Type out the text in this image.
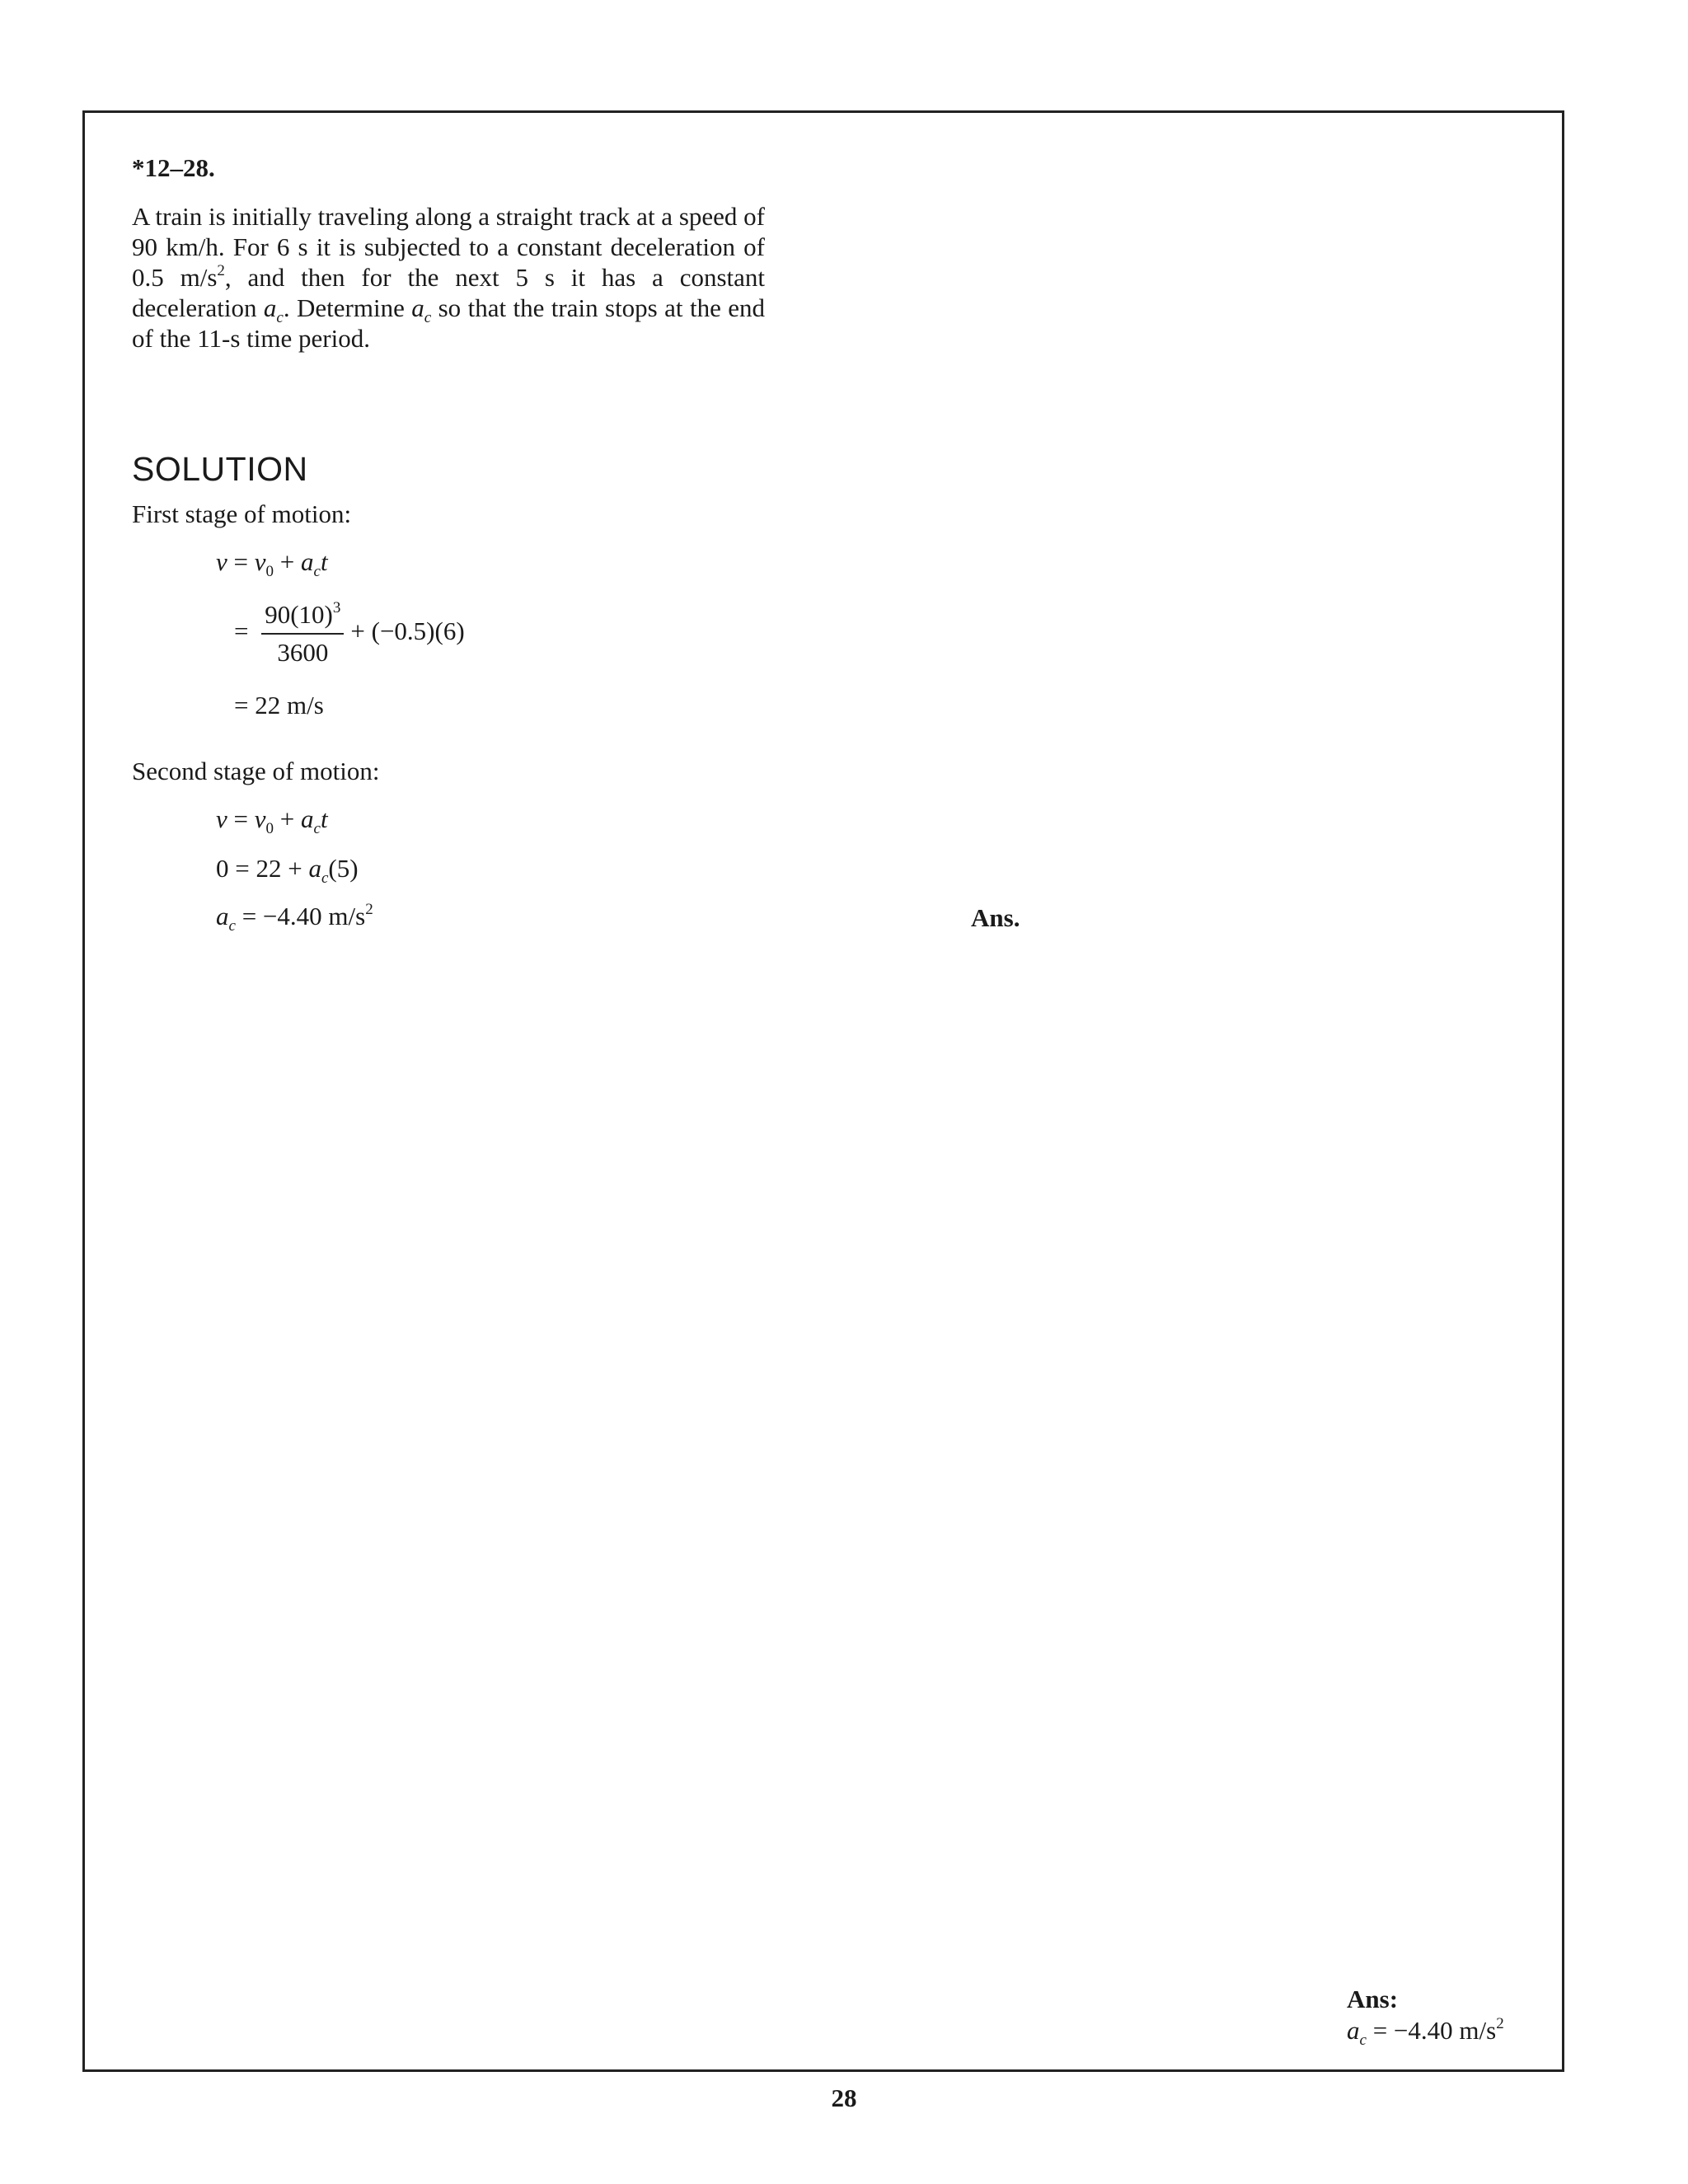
*12–28.

A train is initially traveling along a straight track at a speed of 90 km/h. For 6 s it is subjected to a constant deceleration of 0.5 $m/s^2$, and then for the next 5 s it has a constant deceleration $a_c$. Determine $a_c$ so that the train stops at the end of the 11-s time period.

SOLUTION
First stage of motion:
$v = v_0 + a_ct$
= $\frac{90(10)^3}{3600} + (-0.5)(6)$
= 22 m/s
Second stage of motion:
$v = v_0 + a_ct$
$0 = 22 + a_c(5)$
$a_c = -4.40$ $m/s^2$	Ans.
Ans:
$a_c = -4.40$ $m/s^2$
28
